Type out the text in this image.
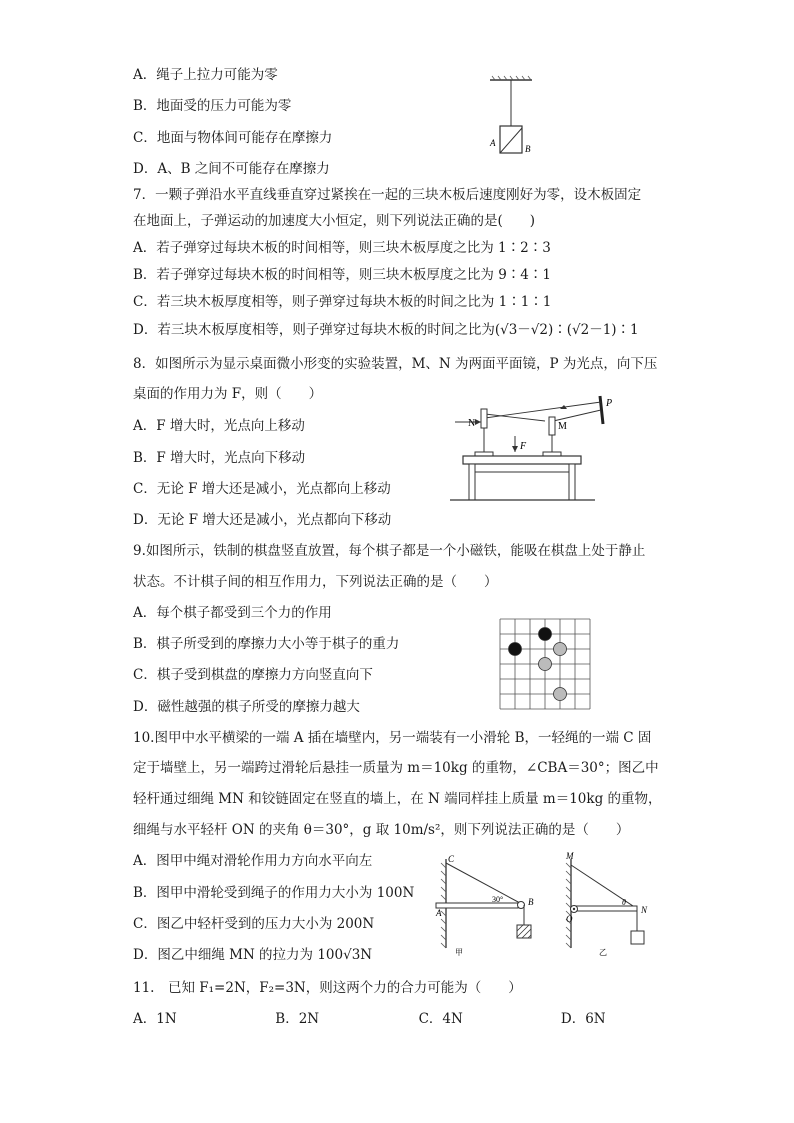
A．绳子上拉力可能为零
B．地面受的压力可能为零
C．地面与物体间可能存在摩擦力
D．A、B 之间不可能存在摩擦力
A
B
7．一颗子弹沿水平直线垂直穿过紧挨在一起的三块木板后速度刚好为零，设木板固定
在地面上，子弹运动的加速度大小恒定，则下列说法正确的是(　　)
A．若子弹穿过每块木板的时间相等，则三块木板厚度之比为 1∶2∶3
B．若子弹穿过每块木板的时间相等，则三块木板厚度之比为 9∶4∶1
C．若三块木板厚度相等，则子弹穿过每块木板的时间之比为 1∶1∶1
D．若三块木板厚度相等，则子弹穿过每块木板的时间之比为(√3－√2)∶(√2－1)∶1
8．如图所示为显示桌面微小形变的实验装置，M、N 为两面平面镜，P 为光点，向下压
桌面的作用力为 F，则（　　）
A．F 增大时，光点向上移动
B．F 增大时，光点向下移动
C．无论 F 增大还是减小，光点都向上移动
D．无论 F 增大还是减小，光点都向下移动
P
N	M
F
9.如图所示，铁制的棋盘竖直放置，每个棋子都是一个小磁铁，能吸在棋盘上处于静止
状态。不计棋子间的相互作用力，下列说法正确的是（　　）
A．每个棋子都受到三个力的作用
B．棋子所受到的摩擦力大小等于棋子的重力
C．棋子受到棋盘的摩擦力方向竖直向下
D．磁性越强的棋子所受的摩擦力越大
10.图甲中水平横梁的一端 A 插在墙壁内，另一端装有一小滑轮 B，一轻绳的一端 C 固
定于墙壁上，另一端跨过滑轮后悬挂一质量为 m＝10kg 的重物，∠CBA＝30°；图乙中
轻杆通过细绳 MN 和铰链固定在竖直的墙上，在 N 端同样挂上质量 m＝10kg 的重物，
细绳与水平轻杆 ON 的夹角 θ＝30°，g 取 10m/s²，则下列说法正确的是（　　）
A．图甲中绳对滑轮作用力方向水平向左
B．图甲中滑轮受到绳子的作用力大小为 100N
C．图乙中轻杆受到的压力大小为 200N
D．图乙中细绳 MN 的拉力为 100√3N
C
A
B
30°
甲
M
O
N
θ
乙
11.　已知 F₁=2N，F₂=3N，则这两个力的合力可能为（　　）
A．1N	B．2N	C．4N	D．6N
